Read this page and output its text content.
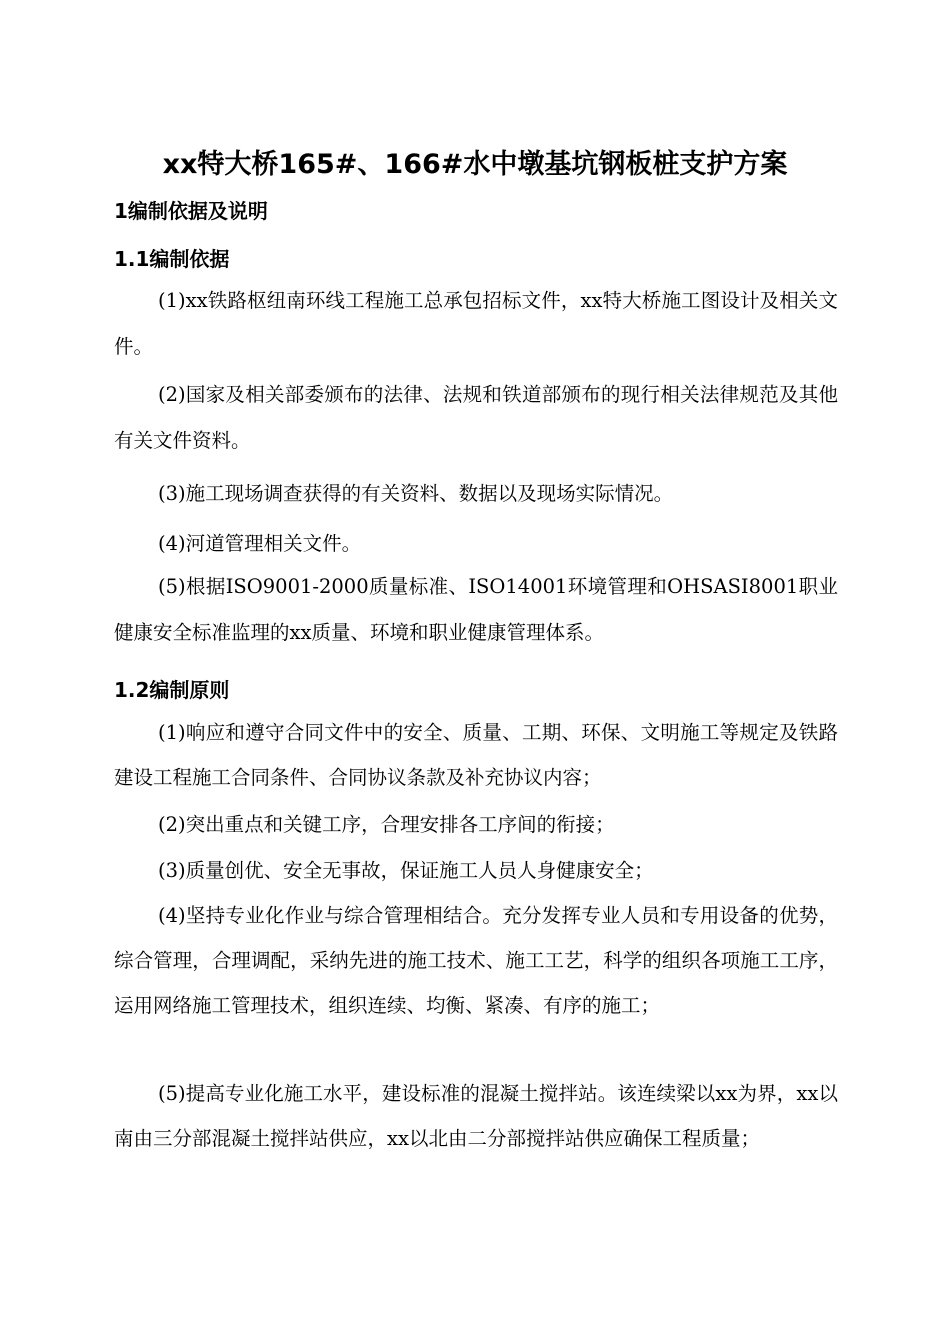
xx特大桥165#、166#水中墩基坑钢板桩支护方案
1编制依据及说明
1.1编制依据
(1)xx铁路枢纽南环线工程施工总承包招标文件，xx特大桥施工图设计及相关文件。
(2)国家及相关部委颁布的法律、法规和铁道部颁布的现行相关法律规范及其他有关文件资料。
(3)施工现场调查获得的有关资料、数据以及现场实际情况。
(4)河道管理相关文件。
(5)根据ISO9001-2000质量标准、ISO14001环境管理和OHSASI8001职业健康安全标准监理的xx质量、环境和职业健康管理体系。
1.2编制原则
(1)响应和遵守合同文件中的安全、质量、工期、环保、文明施工等规定及铁路建设工程施工合同条件、合同协议条款及补充协议内容；
(2)突出重点和关键工序，合理安排各工序间的衔接；
(3)质量创优、安全无事故，保证施工人员人身健康安全；
(4)坚持专业化作业与综合管理相结合。充分发挥专业人员和专用设备的优势，综合管理，合理调配，采纳先进的施工技术、施工工艺，科学的组织各项施工工序，运用网络施工管理技术，组织连续、均衡、紧凑、有序的施工；
(5)提高专业化施工水平，建设标准的混凝土搅拌站。该连续梁以xx为界，xx以南由三分部混凝土搅拌站供应，xx以北由二分部搅拌站供应确保工程质量；
